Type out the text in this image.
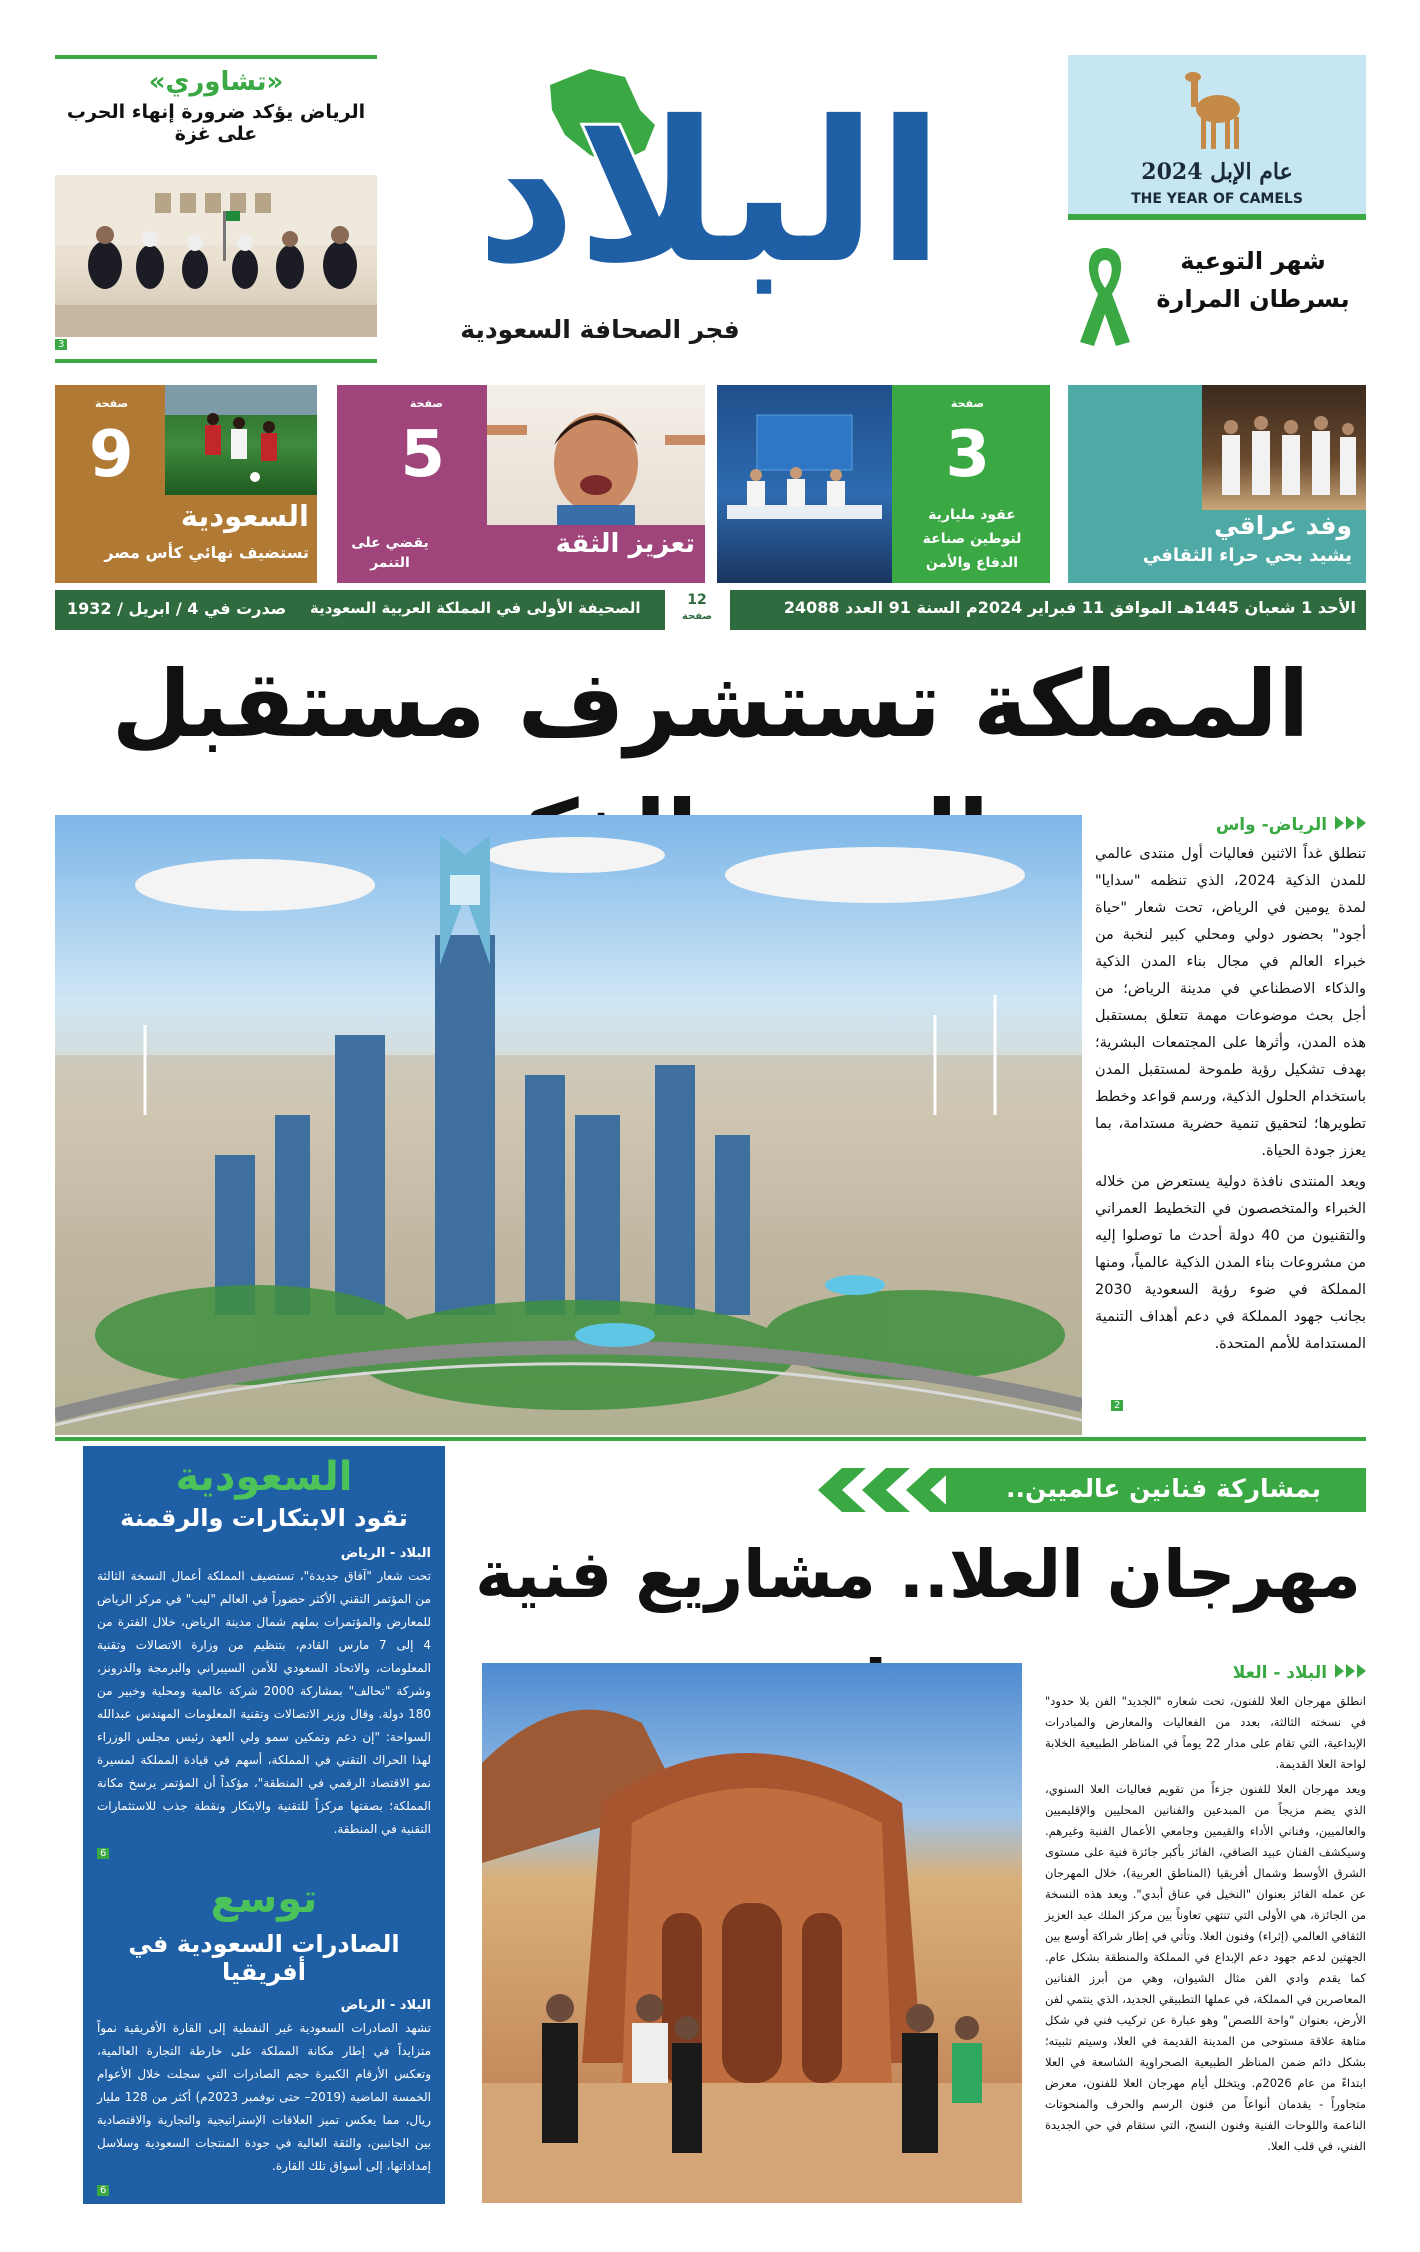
«تشاوري»
الرياض يؤكد ضرورة إنهاء الحرب على غزة
3
البلاد
فجر الصحافة السعودية
عام الإبل 2024
THE YEAR OF CAMELS
شهر التوعية بسرطان المرارة
وفد عراقي
يشيد بحي حراء الثقافي
صفحة
3
عقود مليارية لتوطين صناعة الدفاع والأمن
صفحة
5
يقضي على التنمر
تعزيز الثقة
صفحة
9
السعودية
تستضيف نهائي كأس مصر
الأحد 1 شعبان 1445هـ الموافق 11 فبراير 2024م السنة 91 العدد 24088
12
صفحة
الصحيفة الأولى في المملكة العربية السعودية
صدرت في 4 / ابريل / 1932
المملكة تستشرف مستقبل
الرياض- واس

تنطلق غداً الاثنين فعاليات أول منتدى عالمي للمدن الذكية 2024، الذي تنظمه "سدايا" لمدة يومين في الرياض، تحت شعار "حياة أجود" بحضور دولي ومحلي كبير لنخبة من خبراء العالم في مجال بناء المدن الذكية والذكاء الاصطناعي في مدينة الرياض؛ من أجل بحث موضوعات مهمة تتعلق بمستقبل هذه المدن، وأثرها على المجتمعات البشرية؛ بهدف تشكيل رؤية طموحة لمستقبل المدن باستخدام الحلول الذكية، ورسم قواعد وخطط تطويرها؛ لتحقيق تنمية حضرية مستدامة، بما يعزز جودة الحياة.

ويعد المنتدى نافذة دولية يستعرض من خلاله الخبراء والمتخصصون في التخطيط العمراني والتقنيون من 40 دولة أحدث ما توصلوا إليه من مشروعات بناء المدن الذكية عالمياً، ومنها المملكة في ضوء رؤية السعودية 2030 بجانب جهود المملكة في دعم أهداف التنمية المستدامة للأمم المتحدة.

2
السعودية
تقود الابتكارات والرقمنة
البلاد - الرياض

تحت شعار "آفاق جديدة"، تستضيف المملكة أعمال النسخة الثالثة من المؤتمر التقني الأكثر حضوراً في العالم "ليب" في مركز الرياض للمعارض والمؤتمرات بملهم شمال مدينة الرياض، خلال الفترة من 4 إلى 7 مارس القادم، بتنظيم من وزارة الاتصالات وتقنية المعلومات، والاتحاد السعودي للأمن السيبراني والبرمجة والدرونز، وشركة "تحالف" بمشاركة 2000 شركة عالمية ومحلية وخبير من 180 دولة. وقال وزير الاتصالات وتقنية المعلومات المهندس عبدالله السواحة: "إن دعم وتمكين سمو ولي العهد رئيس مجلس الوزراء لهذا الحراك التقني في المملكة، أسهم في قيادة المملكة لمسيرة نمو الاقتصاد الرقمي في المنطقة"، مؤكداً أن المؤتمر يرسخ مكانة المملكة؛ بصفتها مركزاً للتقنية والابتكار ونقطة جذب للاستثمارات التقنية في المنطقة.

6
توسع
الصادرات السعودية في أفريقيا
البلاد - الرياض

تشهد الصادرات السعودية غير النفطية إلى القارة الأفريقية نمواً متزايداً في إطار مكانة المملكة على خارطة التجارة العالمية، وتعكس الأرقام الكبيرة حجم الصادرات التي سجلت خلال الأعوام الخمسة الماضية (2019– حتى نوفمبر 2023م) أكثر من 128 مليار ريال، مما يعكس تميز العلاقات الإستراتيجية والتجارية والاقتصادية بين الجانبين، والثقة العالية في جودة المنتجات السعودية وسلاسل إمداداتها، إلى أسواق تلك القارة.

6
بمشاركة فنانين عالميين..
مهرجان العلا.. مشاريع فنية
البلاد - العلا

انطلق مهرجان العلا للفنون، تحت شعاره "الجديد" الفن بلا حدود" في نسخته الثالثة، بعدد من الفعاليات والمعارض والمبادرات الإبداعية، التي تقام على مدار 22 يوماً في المناظر الطبيعية الخلابة لواحة العلا القديمة.

ويعد مهرجان العلا للفنون جزءاً من تقويم فعاليات العلا السنوي، الذي يضم مزيجاً من المبدعين والفنانين المحليين والإقليميين والعالميين، وفناني الأداء والقيمين وجامعي الأعمال الفنية وغيرهم. وسيكشف الفنان عبيد الصافي، الفائز بأكبر جائزة فنية على مستوى الشرق الأوسط وشمال أفريقيا (المناطق العربية)، خلال المهرجان عن عمله الفائز بعنوان "النخيل في عناق أبدي". ويعد هذه النسخة من الجائزة، هي الأولى التي تنتهي تعاوناً بين مركز الملك عبد العزيز الثقافي العالمي (إثراء) وفنون العلا. وتأتي في إطار شراكة أوسع بين الجهتين لدعم جهود دعم الإبداع في المملكة والمنطقة بشكل عام. كما يقدم وادي الفن مثال الشيوان، وهي من أبرز الفنانين المعاصرين في المملكة، في عملها التطبيقي الجديد، الذي ينتمي لفن الأرض، بعنوان "واحة اللصص" وهو عبارة عن تركيب فني في شكل متاهة علاقة مستوحى من المدينة القديمة في العلا، وسيتم تثبيته؛ بشكل دائم ضمن المناظر الطبيعية الصحراوية الشاسعة في العلا ابتداءً من عام 2026م. ويتخلل أيام مهرجان العلا للفنون، معرض متجاوراً - يقدمان أنواعاً من فنون الرسم والحرف والمنحوتات الناعمة واللوحات الفنية وفنون النسج، التي ستقام في حي الجديدة الفني، في قلب العلا.
